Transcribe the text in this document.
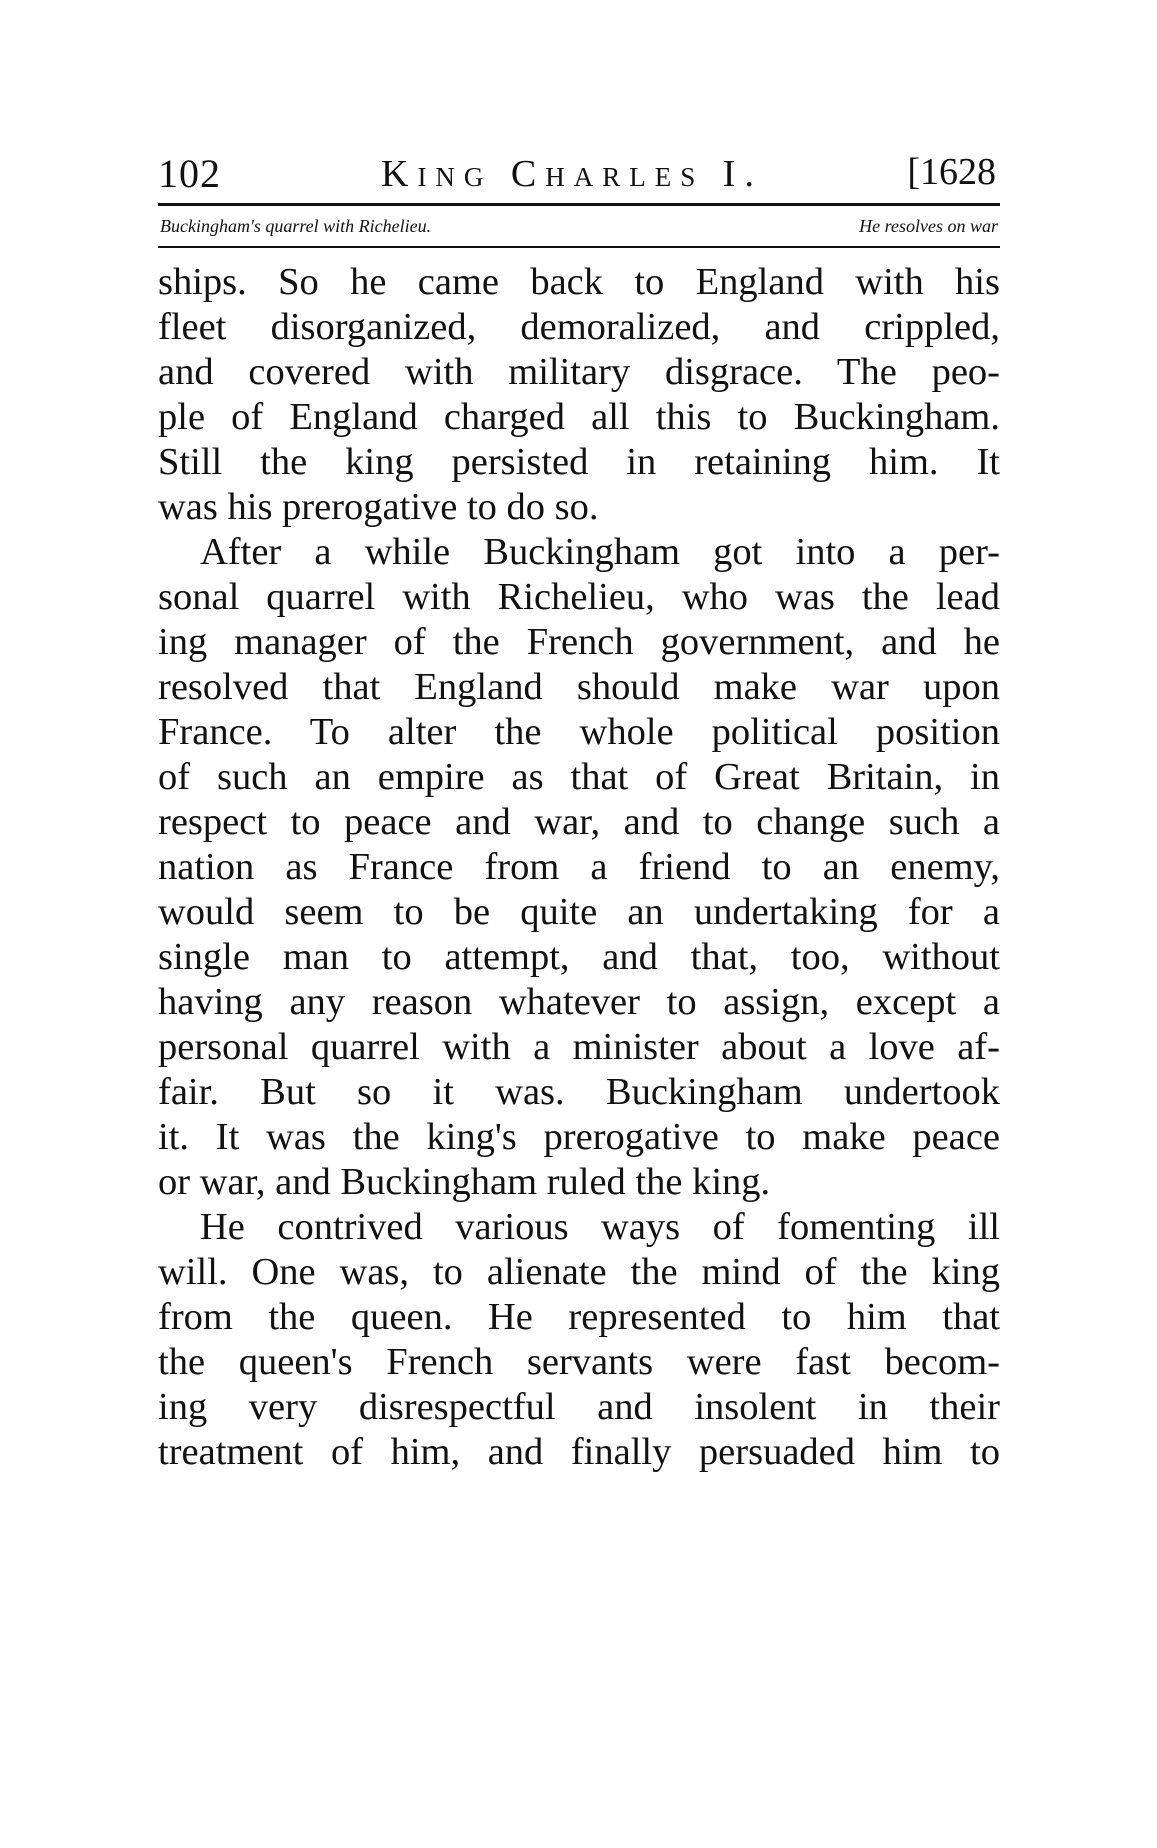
102	King Charles I.	[1628
Buckingham's quarrel with Richelieu.	He resolves on war

ships. So he came back to England with his
fleet disorganized, demoralized, and crippled,
and covered with military disgrace. The peo-
ple of England charged all this to Buckingham.
Still the king persisted in retaining him. It
was his prerogative to do so.

After a while Buckingham got into a per-
sonal quarrel with Richelieu, who was the lead
ing manager of the French government, and he
resolved that England should make war upon
France. To alter the whole political position
of such an empire as that of Great Britain, in
respect to peace and war, and to change such a
nation as France from a friend to an enemy,
would seem to be quite an undertaking for a
single man to attempt, and that, too, without
having any reason whatever to assign, except a
personal quarrel with a minister about a love af-
fair. But so it was. Buckingham undertook
it. It was the king's prerogative to make peace
or war, and Buckingham ruled the king.

He contrived various ways of fomenting ill
will. One was, to alienate the mind of the king
from the queen. He represented to him that
the queen's French servants were fast becom-
ing very disrespectful and insolent in their
treatment of him, and finally persuaded him to
